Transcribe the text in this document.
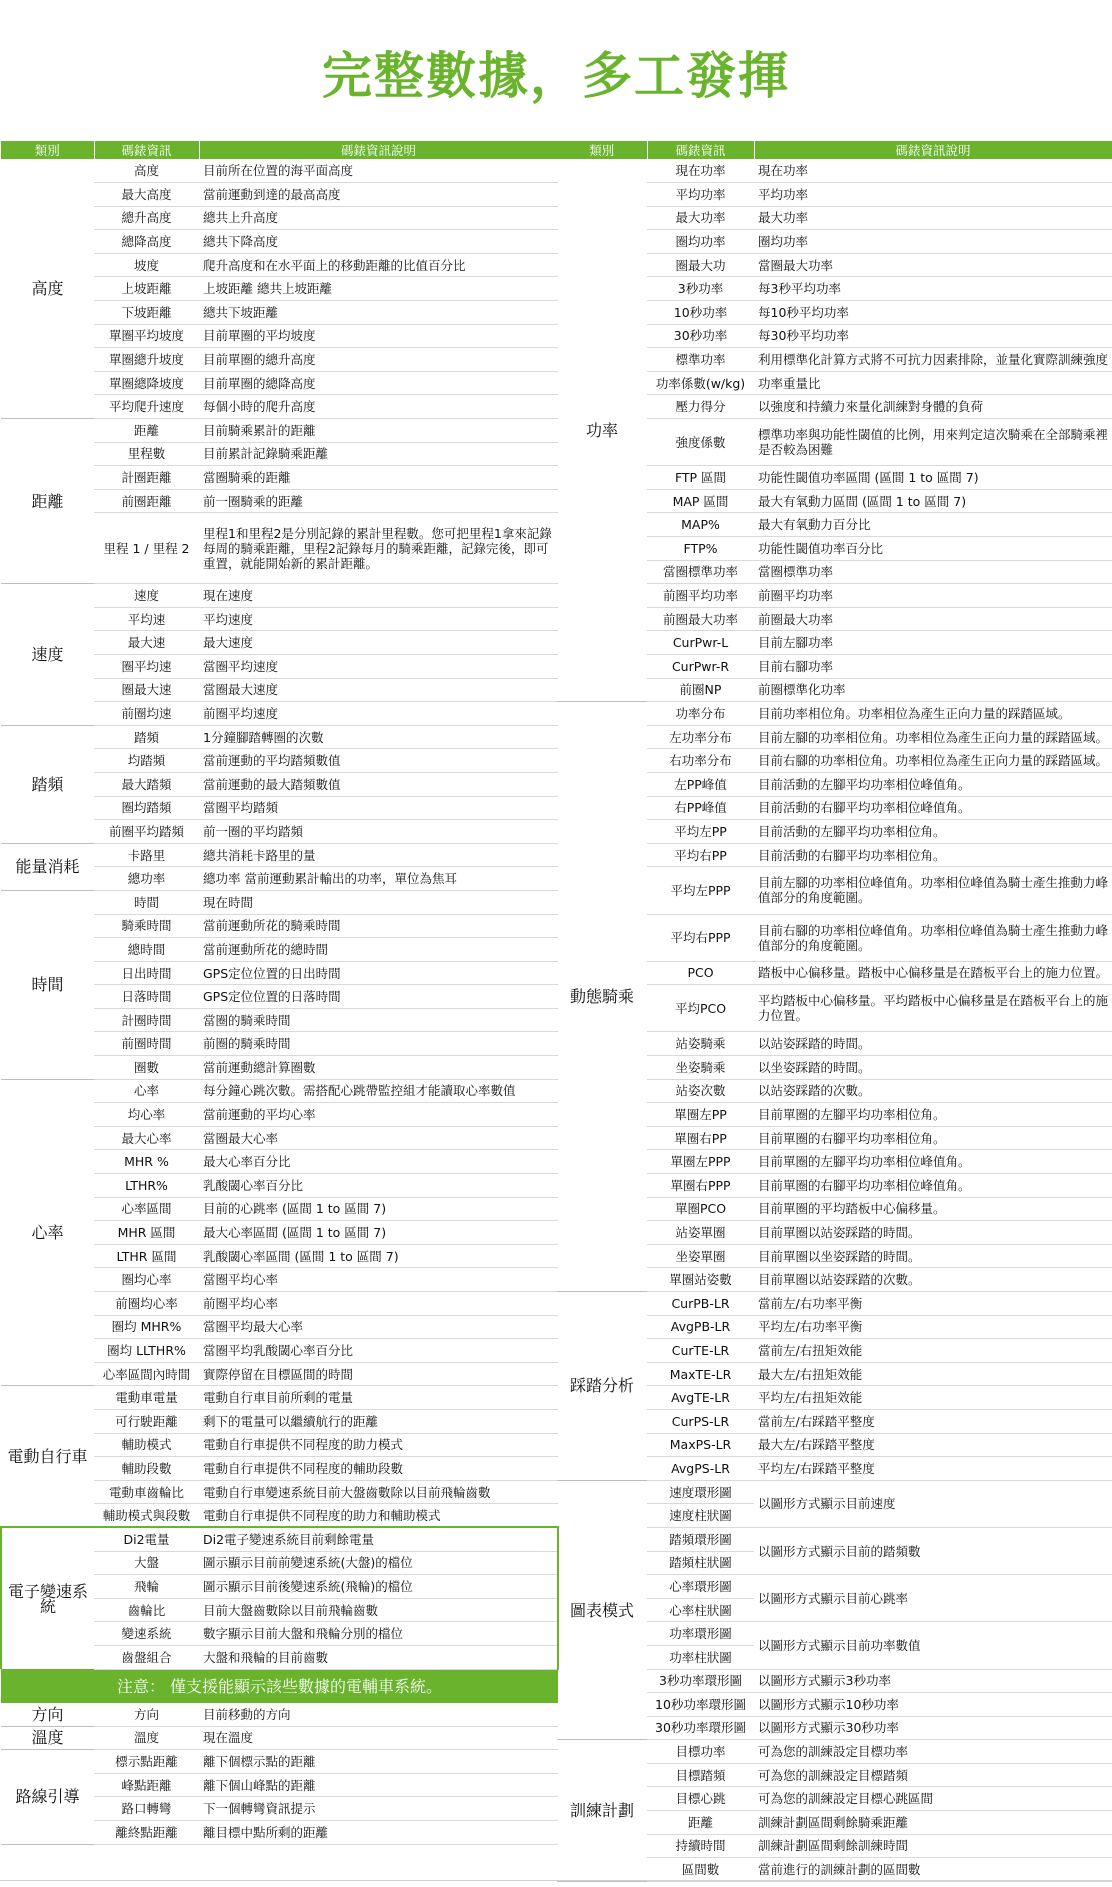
完整數據，多工發揮
類別	碼錶資訊	碼錶資訊說明
高度	高度	目前所在位置的海平面高度
	最大高度	當前運動到達的最高高度
	總升高度	總共上升高度
	總降高度	總共下降高度
	坡度	爬升高度和在水平面上的移動距離的比值百分比
	上坡距離	上坡距離 總共上坡距離
	下坡距離	總共下坡距離
	單圈平均坡度	目前單圈的平均坡度
	單圈總升坡度	目前單圈的總升高度
	單圈總降坡度	目前單圈的總降高度
	平均爬升速度	每個小時的爬升高度
距離	距離	目前騎乘累計的距離
	里程數	目前累計記錄騎乘距離
	計圈距離	當圈騎乘的距離
	前圈距離	前一圈騎乘的距離
	里程 1 / 里程 2	里程1和里程2是分別記錄的累計里程數。您可把里程1拿來記錄每周的騎乘距離，里程2記錄每月的騎乘距離，記錄完後，即可重置，就能開始新的累計距離。
速度	速度	現在速度
	平均速	平均速度
	最大速	最大速度
	圈平均速	當圈平均速度
	圈最大速	當圈最大速度
	前圈均速	前圈平均速度
踏頻	踏頻	1分鐘腳踏轉圈的次數
	均踏頻	當前運動的平均踏頻數值
	最大踏頻	當前運動的最大踏頻數值
	圈均踏頻	當圈平均踏頻
	前圈平均踏頻	前一圈的平均踏頻
能量消耗	卡路里	總共消耗卡路里的量
	總功率	總功率 當前運動累計輸出的功率，單位為焦耳
時間	時間	現在時間
	騎乘時間	當前運動所花的騎乘時間
	總時間	當前運動所花的總時間
	日出時間	GPS定位位置的日出時間
	日落時間	GPS定位位置的日落時間
	計圈時間	當圈的騎乘時間
	前圈時間	前圈的騎乘時間
	圈數	當前運動總計算圈數
心率	心率	每分鐘心跳次數。需搭配心跳帶監控組才能讀取心率數值
	均心率	當前運動的平均心率
	最大心率	當圈最大心率
	MHR %	最大心率百分比
	LTHR%	乳酸閾心率百分比
	心率區間	目前的心跳率 (區間 1 to 區間 7)
	MHR 區間	最大心率區間 (區間 1 to 區間 7)
	LTHR 區間	乳酸閾心率區間 (區間 1 to 區間 7)
	圈均心率	當圈平均心率
	前圈均心率	前圈平均心率
	圈均 MHR%	當圈平均最大心率
	圈均 LLTHR%	當圈平均乳酸閾心率百分比
	心率區間內時間	實際停留在目標區間的時間
電動自行車	電動車電量	電動自行車目前所剩的電量
	可行駛距離	剩下的電量可以繼續航行的距離
	輔助模式	電動自行車提供不同程度的助力模式
	輔助段數	電動自行車提供不同程度的輔助段數
	電動車齒輪比	電動自行車變速系統目前大盤齒數除以目前飛輪齒數
	輔助模式與段數	電動自行車提供不同程度的助力和輔助模式
電子變速系統	Di2電量	Di2電子變速系統目前剩餘電量
	大盤	圖示顯示目前前變速系統(大盤)的檔位
	飛輪	圖示顯示目前後變速系統(飛輪)的檔位
	齒輪比	目前大盤齒數除以目前飛輪齒數
	變速系統	數字顯示目前大盤和飛輪分別的檔位
	齒盤組合	大盤和飛輪的目前齒數
注意： 僅支援能顯示該些數據的電輔車系統。		
方向	方向	目前移動的方向
溫度	溫度	現在溫度
路線引導	標示點距離	離下個標示點的距離
	峰點距離	離下個山峰點的距離
	路口轉彎	下一個轉彎資訊提示
	離終點距離	離目標中點所剩的距離
類別	碼錶資訊	碼錶資訊說明
功率	現在功率	現在功率
	平均功率	平均功率
	最大功率	最大功率
	圈均功率	圈均功率
	圈最大功	當圈最大功率
	3秒功率	每3秒平均功率
	10秒功率	每10秒平均功率
	30秒功率	每30秒平均功率
	標準功率	利用標準化計算方式將不可抗力因素排除，並量化實際訓練強度
	功率係數(w/kg)	功率重量比
	壓力得分	以強度和持續力來量化訓練對身體的負荷
	強度係數	標準功率與功能性閾值的比例，用來判定這次騎乘在全部騎乘裡是否較為困難
	FTP 區間	功能性閾值功率區間 (區間 1 to 區間 7)
	MAP 區間	最大有氧動力區間 (區間 1 to 區間 7)
	MAP%	最大有氧動力百分比
	FTP%	功能性閾值功率百分比
	當圈標準功率	當圈標準功率
	前圈平均功率	前圈平均功率
	前圈最大功率	前圈最大功率
	CurPwr-L	目前左腳功率
	CurPwr-R	目前右腳功率
	前圈NP	前圈標準化功率
動態騎乘	功率分布	目前功率相位角。功率相位為產生正向力量的踩踏區域。
	左功率分布	目前左腳的功率相位角。功率相位為產生正向力量的踩踏區域。
	右功率分布	目前右腳的功率相位角。功率相位為產生正向力量的踩踏區域。
	左PP峰值	目前活動的左腳平均功率相位峰值角。
	右PP峰值	目前活動的右腳平均功率相位峰值角。
	平均左PP	目前活動的左腳平均功率相位角。
	平均右PP	目前活動的右腳平均功率相位角。
	平均左PPP	目前左腳的功率相位峰值角。功率相位峰值為騎士產生推動力峰值部分的角度範圍。
	平均右PPP	目前右腳的功率相位峰值角。功率相位峰值為騎士產生推動力峰值部分的角度範圍。
	PCO	踏板中心偏移量。踏板中心偏移量是在踏板平台上的施力位置。
	平均PCO	平均踏板中心偏移量。平均踏板中心偏移量是在踏板平台上的施力位置。
	站姿騎乘	以站姿踩踏的時間。
	坐姿騎乘	以坐姿踩踏的時間。
	站姿次數	以站姿踩踏的次數。
	單圈左PP	目前單圈的左腳平均功率相位角。
	單圈右PP	目前單圈的右腳平均功率相位角。
	單圈左PPP	目前單圈的左腳平均功率相位峰值角。
	單圈右PPP	目前單圈的右腳平均功率相位峰值角。
	單圈PCO	目前單圈的平均踏板中心偏移量。
	站姿單圈	目前單圈以站姿踩踏的時間。
	坐姿單圈	目前單圈以坐姿踩踏的時間。
	單圈站姿數	目前單圈以站姿踩踏的次數。
踩踏分析	CurPB-LR	當前左/右功率平衡
	AvgPB-LR	平均左/右功率平衡
	CurTE-LR	當前左/右扭矩效能
	MaxTE-LR	最大左/右扭矩效能
	AvgTE-LR	平均左/右扭矩效能
	CurPS-LR	當前左/右踩踏平整度
	MaxPS-LR	最大左/右踩踏平整度
	AvgPS-LR	平均左/右踩踏平整度
圖表模式	速度環形圖	以圖形方式顯示目前速度
	速度柱狀圖	
	踏頻環形圖	以圖形方式顯示目前的踏頻數
	踏頻柱狀圖	
	心率環形圖	以圖形方式顯示目前心跳率
	心率柱狀圖	
	功率環形圖	以圖形方式顯示目前功率數值
	功率柱狀圖	
	3秒功率環形圖	以圖形方式顯示3秒功率
	10秒功率環形圖	以圖形方式顯示10秒功率
	30秒功率環形圖	以圖形方式顯示30秒功率
訓練計劃	目標功率	可為您的訓練設定目標功率
	目標踏頻	可為您的訓練設定目標踏頻
	目標心跳	可為您的訓練設定目標心跳區間
	距離	訓練計劃區間剩餘騎乘距離
	持續時間	訓練計劃區間剩餘訓練時間
	區間數	當前進行的訓練計劃的區間數
